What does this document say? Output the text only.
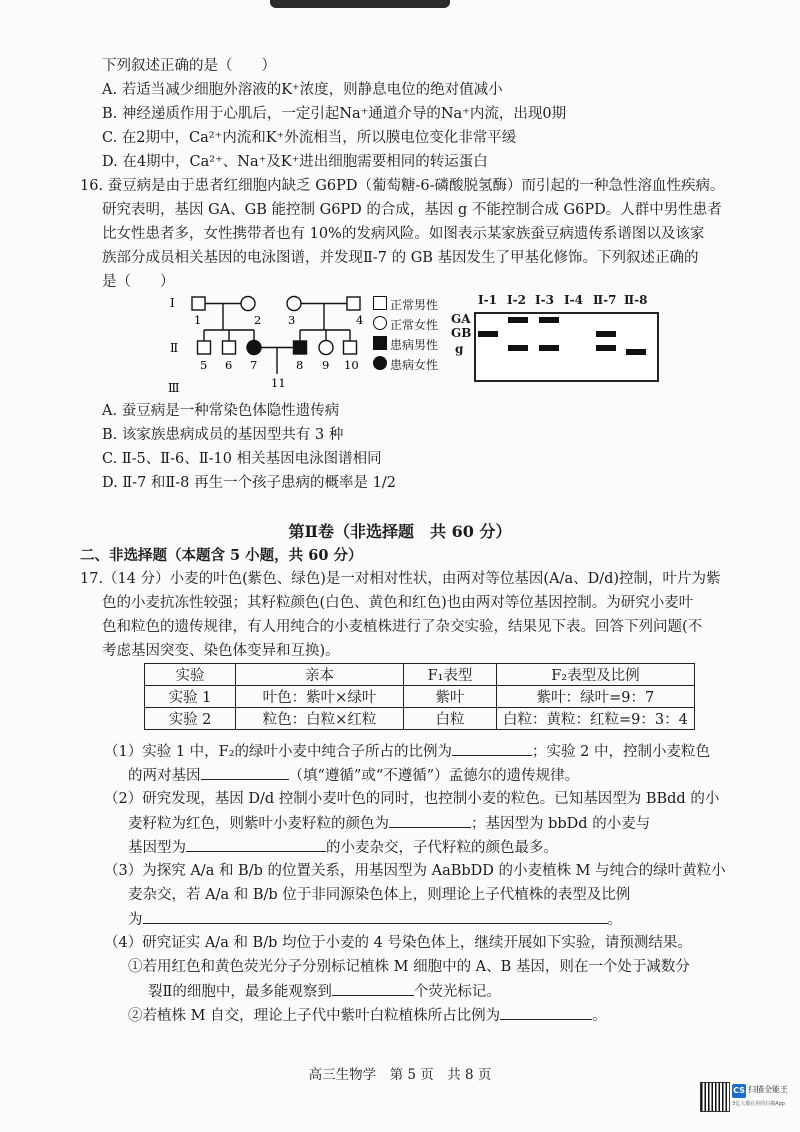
下列叙述正确的是（　　）
A. 若适当减少细胞外溶液的K⁺浓度，则静息电位的绝对值减小
B. 神经递质作用于心肌后，一定引起Na⁺通道介导的Na⁺内流，出现0期
C. 在2期中，Ca²⁺内流和K⁺外流相当，所以膜电位变化非常平缓
D. 在4期中，Ca²⁺、Na⁺及K⁺进出细胞需要相同的转运蛋白
16. 蚕豆病是由于患者红细胞内缺乏 G6PD（葡萄糖-6-磷酸脱氢酶）而引起的一种急性溶血性疾病。
研究表明，基因 GA、GB 能控制 G6PD 的合成，基因 g 不能控制合成 G6PD。人群中男性患者
比女性患者多，女性携带者也有 10%的发病风险。如图表示某家族蚕豆病遗传系谱图以及该家
族部分成员相关基因的电泳图谱，并发现Ⅱ-7 的 GB 基因发生了甲基化修饰。下列叙述正确的
是（　　）
Ⅰ
Ⅱ
Ⅲ
1	2 3	4
5 6 7	8 9 10
11
正常男性
正常女性
患病男性
患病女性
Ⅰ-1 Ⅰ-2 Ⅰ-3 Ⅰ-4 Ⅱ-7 Ⅱ-8
GA
GB
g
A. 蚕豆病是一种常染色体隐性遗传病
B. 该家族患病成员的基因型共有 3 种
C. Ⅱ-5、Ⅱ-6、Ⅱ-10 相关基因电泳图谱相同
D. Ⅱ-7 和Ⅱ-8 再生一个孩子患病的概率是 1/2
第Ⅱ卷（非选择题　共 60 分）
二、非选择题（本题含 5 小题，共 60 分）
17.（14 分）小麦的叶色(紫色、绿色)是一对相对性状，由两对等位基因(A/a、D/d)控制，叶片为紫
色的小麦抗冻性较强；其籽粒颜色(白色、黄色和红色)也由两对等位基因控制。为研究小麦叶
色和粒色的遗传规律，有人用纯合的小麦植株进行了杂交实验，结果见下表。回答下列问题(不
考虑基因突变、染色体变异和互换)。
实验	亲本	F₁表型	F₂表型及比例
实验 1	叶色：紫叶×绿叶	紫叶	紫叶：绿叶=9：7
实验 2	粒色：白粒×红粒	白粒	白粒：黄粒：红粒=9：3：4
（1）实验 1 中，F₂的绿叶小麦中纯合子所占的比例为	；实验 2 中，控制小麦粒色
的两对基因	（填“遵循”或“不遵循”）孟德尔的遗传规律。
（2）研究发现，基因 D/d 控制小麦叶色的同时，也控制小麦的粒色。已知基因型为 BBdd 的小
麦籽粒为红色，则紫叶小麦籽粒的颜色为	；基因型为 bbDd 的小麦与
基因型为	的小麦杂交，子代籽粒的颜色最多。
（3）为探究 A/a 和 B/b 的位置关系，用基因型为 AaBbDD 的小麦植株 M 与纯合的绿叶黄粒小
麦杂交，若 A/a 和 B/b 位于非同源染色体上，则理论上子代植株的表型及比例
为	。
（4）研究证实 A/a 和 B/b 均位于小麦的 4 号染色体上，继续开展如下实验，请预测结果。
①若用红色和黄色荧光分子分别标记植株 M 细胞中的 A、B 基因，则在一个处于减数分
裂Ⅱ的细胞中，最多能观察到	个荧光标记。
②若植株 M 自交，理论上子代中紫叶白粒植株所占比例为	。
高三生物学　第 5 页　共 8 页
CS 扫描全能王
3亿人都在用的扫描App
